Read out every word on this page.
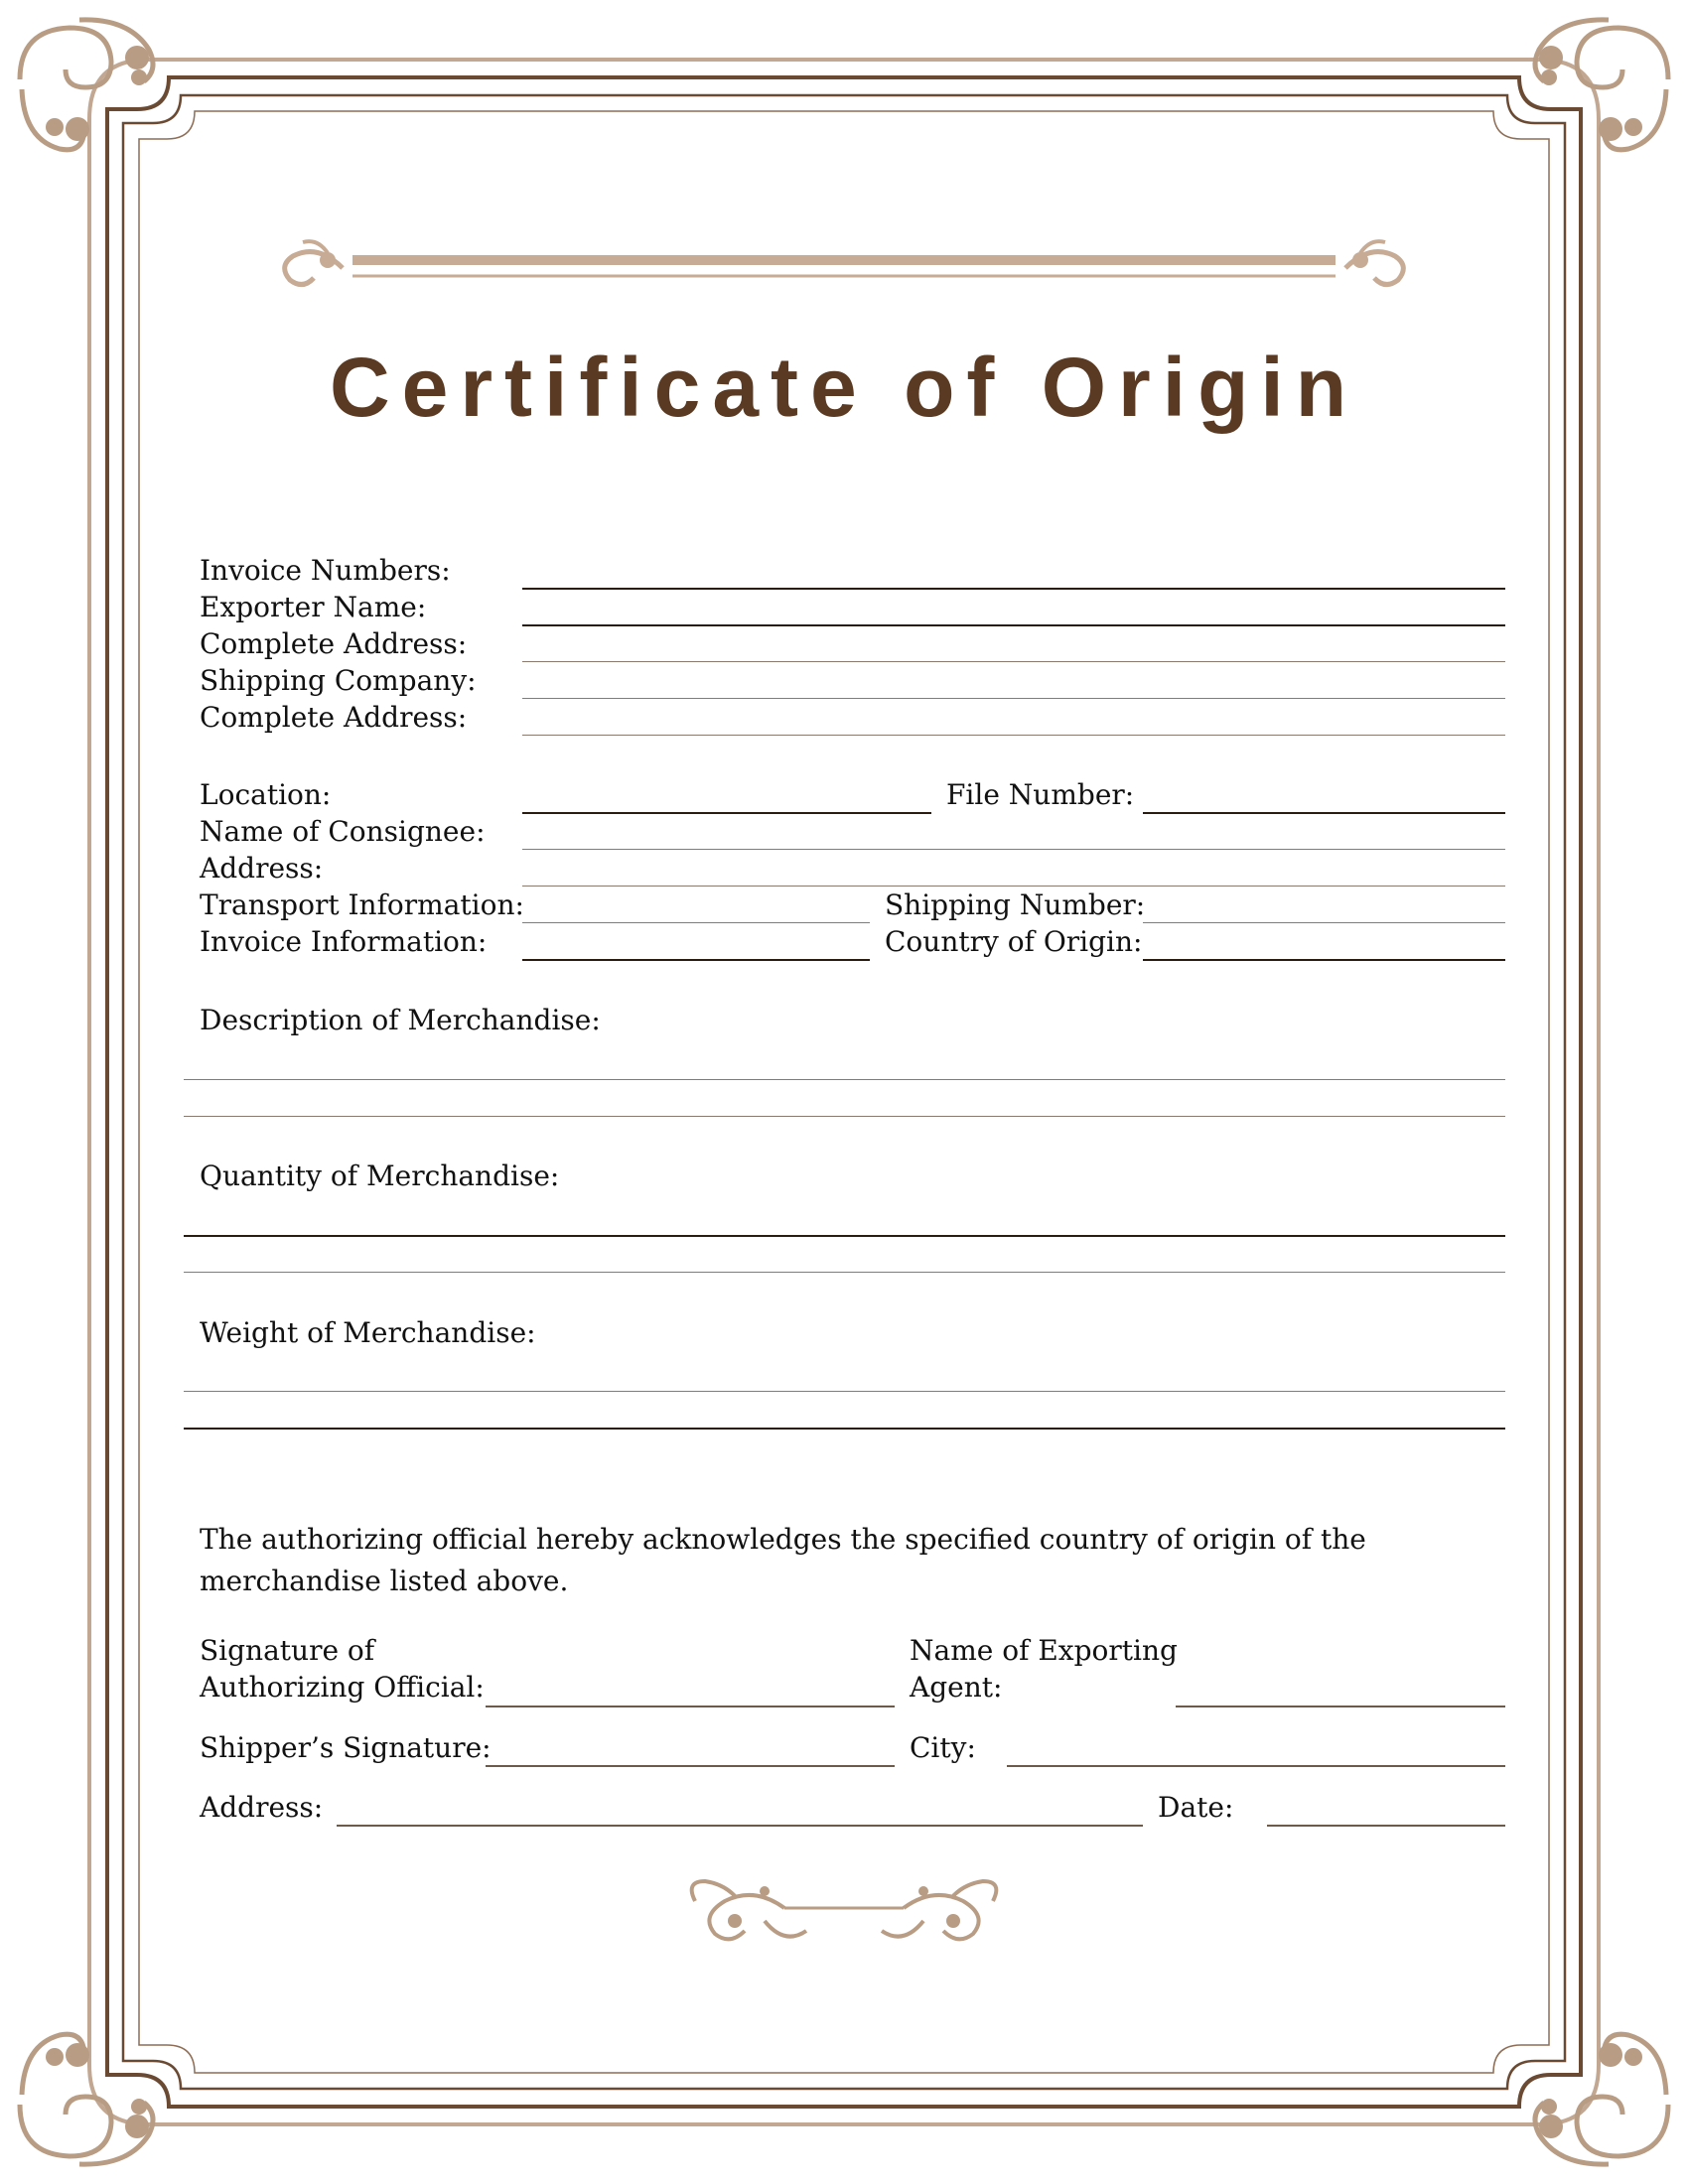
Certificate of Origin
Invoice Numbers:
Exporter Name:
Complete Address:
Shipping Company:
Complete Address:
Location:	File Number:
Name of Consignee:
Address:
Transport Information:	Shipping Number:
Invoice Information:	Country of Origin:
Description of Merchandise:
Quantity of Merchandise:
Weight of Merchandise:

The authorizing official hereby acknowledges the specified country of origin of the merchandise listed above.

Signature of
Authorizing Official:
Name of Exporting
Agent:
Shipper’s Signature:	City:
Address:	Date:
